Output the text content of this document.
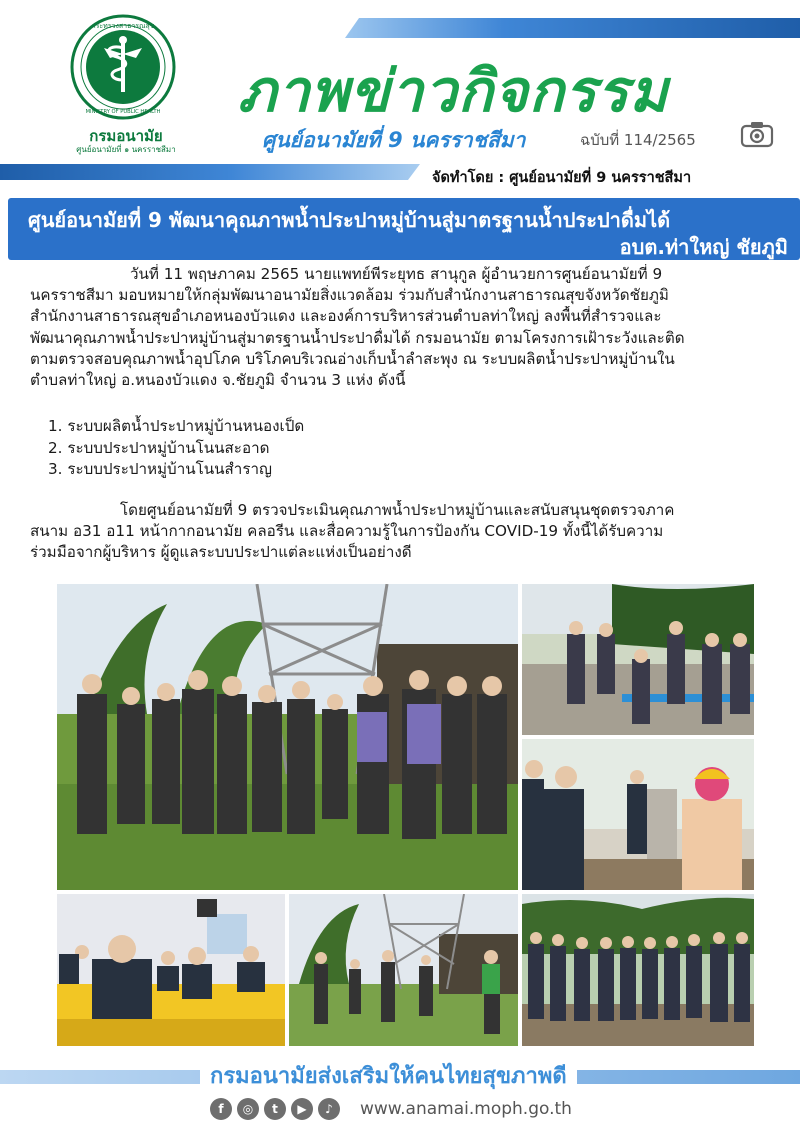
กระทรวงสาธารณสุข
MINISTRY OF PUBLIC HEALTH
กรมอนามัย
ศูนย์อนามัยที่ ๑ นครราชสีมา
ภาพข่าวกิจกรรม
ศูนย์อนามัยที่ 9 นครราชสีมา	ฉบับที่ 114/2565
จัดทำโดย : ศูนย์อนามัยที่ 9 นครราชสีมา
ศูนย์อนามัยที่ 9 พัฒนาคุณภาพน้ำประปาหมู่บ้านสู่มาตรฐานน้ำประปาดื่มได้
อบต.ท่าใหญ่ ชัยภูมิ
วันที่ 11 พฤษภาคม 2565 นายแพทย์พีระยุทธ สานุกูล ผู้อำนวยการศูนย์อนามัยที่ 9
นครราชสีมา มอบหมายให้กลุ่มพัฒนาอนามัยสิ่งแวดล้อม ร่วมกับสำนักงานสาธารณสุขจังหวัดชัยภูมิ
สำนักงานสาธารณสุขอำเภอหนองบัวแดง และองค์การบริหารส่วนตำบลท่าใหญ่ ลงพื้นที่สำรวจและ
พัฒนาคุณภาพน้ำประปาหมู่บ้านสู่มาตรฐานน้ำประปาดื่มได้ กรมอนามัย ตามโครงการเฝ้าระวังและติด
ตามตรวจสอบคุณภาพน้ำอุปโภค บริโภคบริเวณอ่างเก็บน้ำลำสะพุง ณ ระบบผลิตน้ำประปาหมู่บ้านใน
ตำบลท่าใหญ่ อ.หนองบัวแดง จ.ชัยภูมิ จำนวน 3 แห่ง ดังนี้
1. ระบบผลิตน้ำประปาหมู่บ้านหนองเป็ด
2. ระบบประปาหมู่บ้านโนนสะอาด
3. ระบบประปาหมู่บ้านโนนสำราญ
โดยศูนย์อนามัยที่ 9 ตรวจประเมินคุณภาพน้ำประปาหมู่บ้านและสนับสนุนชุดตรวจภาค
สนาม อ31 อ11 หน้ากากอนามัย คลอรีน และสื่อความรู้ในการป้องกัน COVID-19 ทั้งนี้ได้รับความ
ร่วมมือจากผู้บริหาร ผู้ดูแลระบบประปาแต่ละแห่งเป็นอย่างดี
กรมอนามัยส่งเสริมให้คนไทยสุขภาพดี
f	◎	t	▶	♪	www.anamai.moph.go.th
